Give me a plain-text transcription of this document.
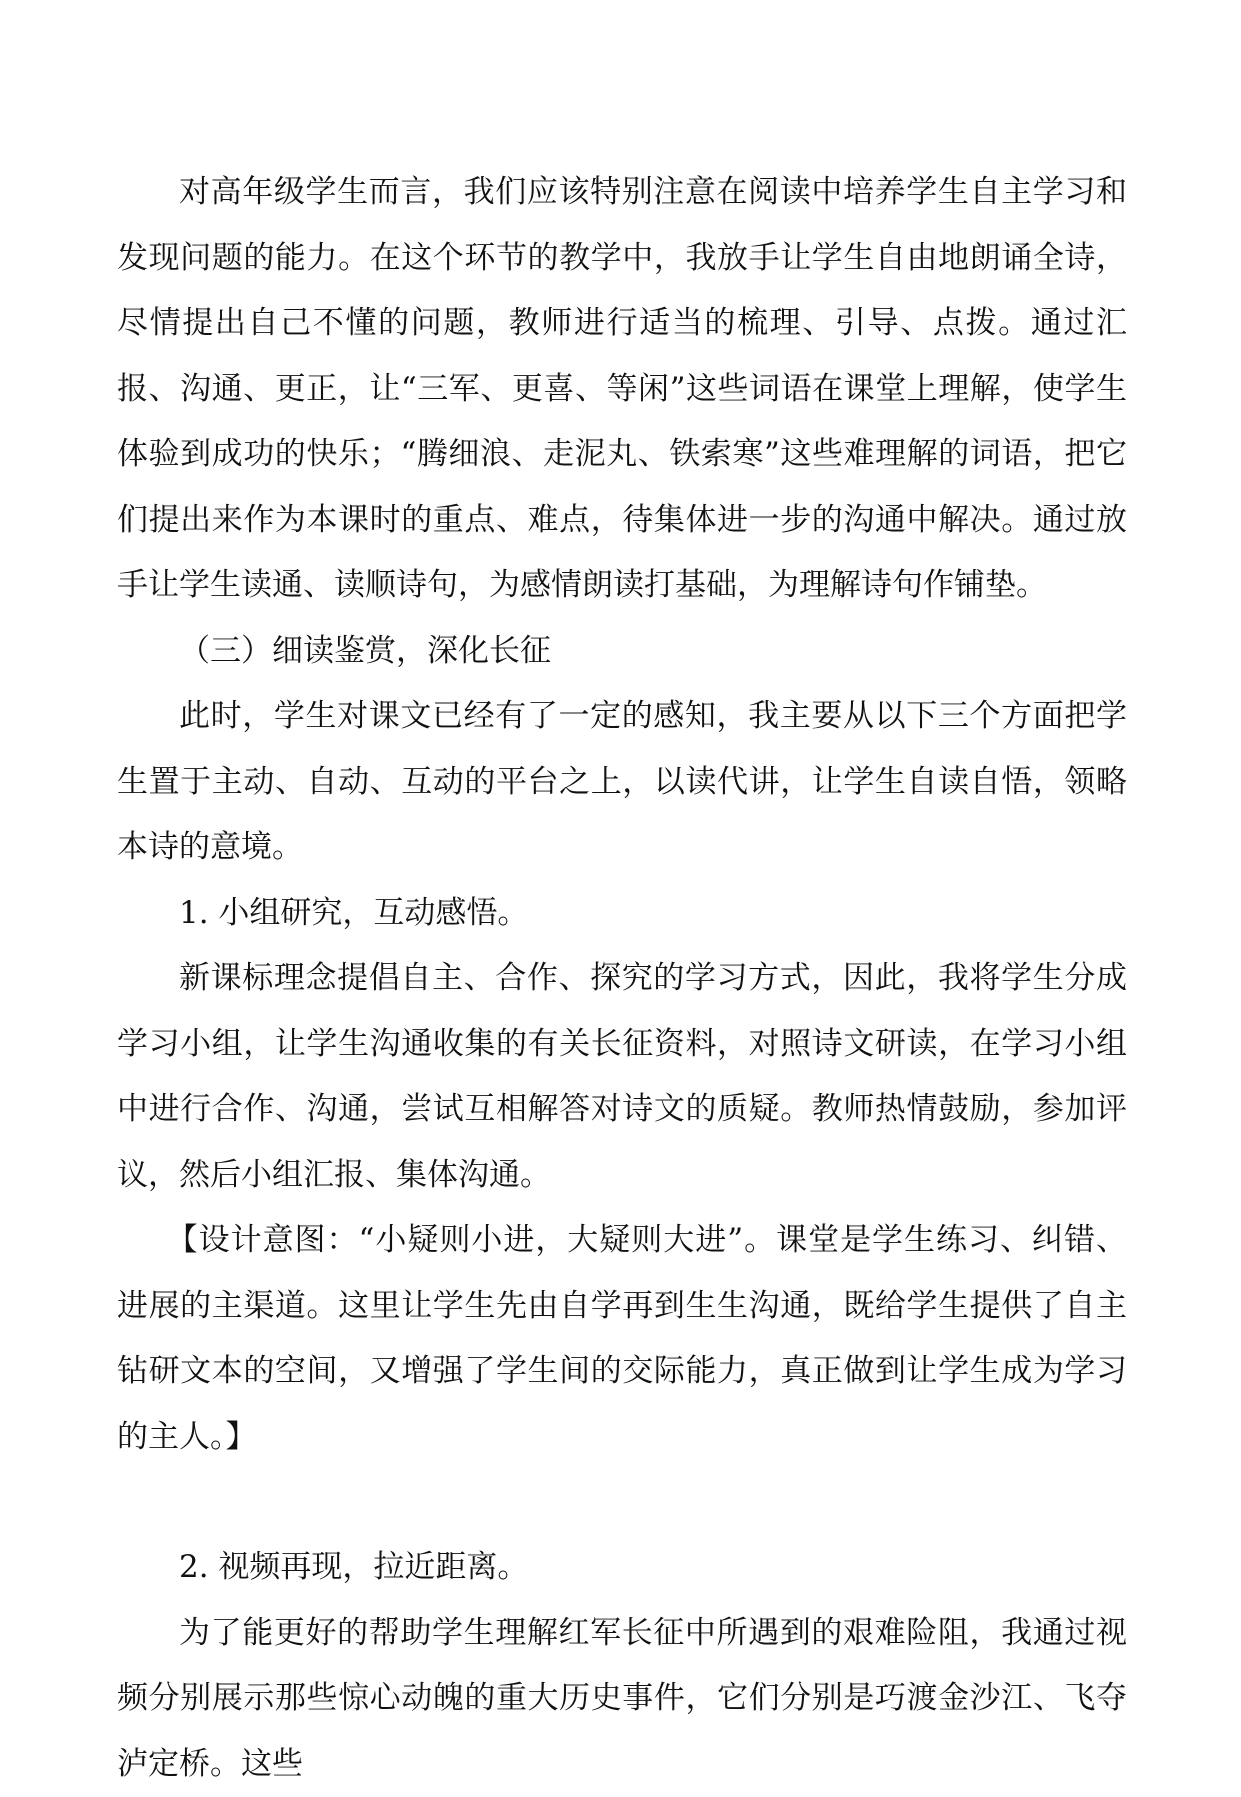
对高年级学生而言，我们应该特别注意在阅读中培养学生自主学习和发现问题的能力。在这个环节的教学中，我放手让学生自由地朗诵全诗，尽情提出自己不懂的问题，教师进行适当的梳理、引导、点拨。通过汇报、沟通、更正，让“三军、更喜、等闲”这些词语在课堂上理解，使学生体验到成功的快乐；“腾细浪、走泥丸、铁索寒”这些难理解的词语，把它们提出来作为本课时的重点、难点，待集体进一步的沟通中解决。通过放手让学生读通、读顺诗句，为感情朗读打基础，为理解诗句作铺垫。

（三）细读鉴赏，深化长征

此时，学生对课文已经有了一定的感知，我主要从以下三个方面把学生置于主动、自动、互动的平台之上，以读代讲，让学生自读自悟，领略本诗的意境。

1. 小组研究，互动感悟。

新课标理念提倡自主、合作、探究的学习方式，因此，我将学生分成学习小组，让学生沟通收集的有关长征资料，对照诗文研读，在学习小组中进行合作、沟通，尝试互相解答对诗文的质疑。教师热情鼓励，参加评议，然后小组汇报、集体沟通。

【设计意图：“小疑则小进，大疑则大进”。课堂是学生练习、纠错、进展的主渠道。这里让学生先由自学再到生生沟通，既给学生提供了自主钻研文本的空间，又增强了学生间的交际能力，真正做到让学生成为学习的主人。】

2. 视频再现，拉近距离。

为了能更好的帮助学生理解红军长征中所遇到的艰难险阻，我通过视频分别展示那些惊心动魄的重大历史事件，它们分别是巧渡金沙江、飞夺泸定桥。这些
